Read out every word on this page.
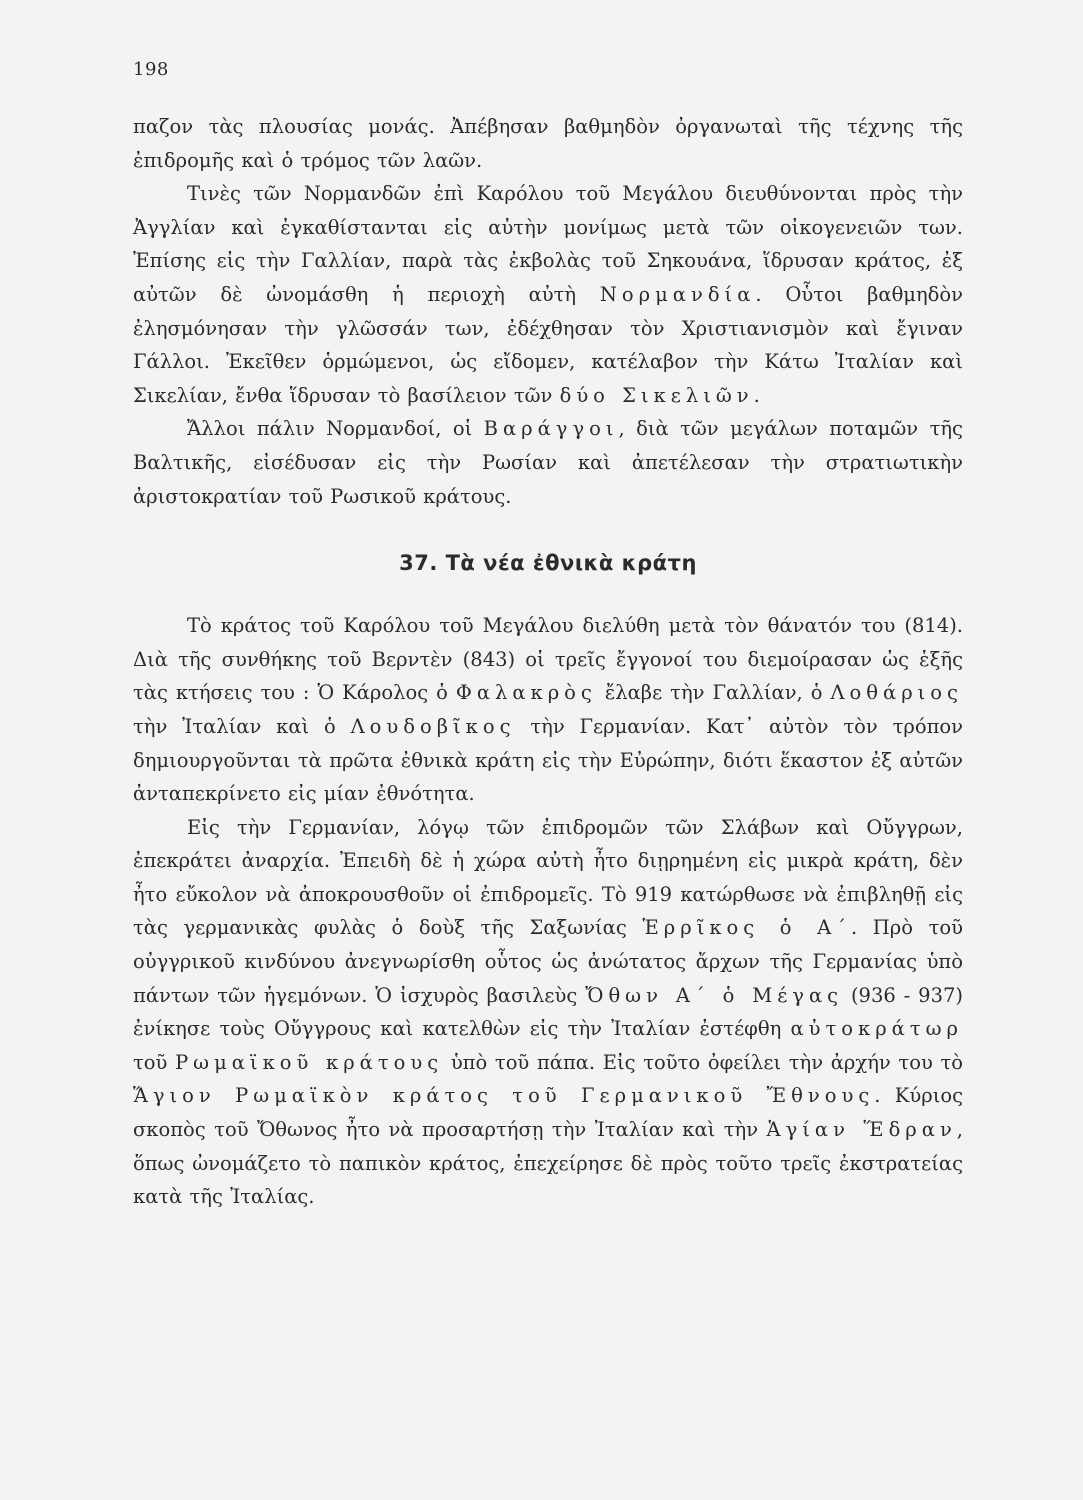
198

παζον τὰς πλουσίας μονάς. Ἀπέβησαν βαθμηδὸν ὀργανωταὶ τῆς τέχνης τῆς ἐπιδρομῆς καὶ ὁ τρόμος τῶν λαῶν.

Τινὲς τῶν Νορμανδῶν ἐπὶ Καρόλου τοῦ Μεγάλου διευθύνονται πρὸς τὴν Ἀγγλίαν καὶ ἐγκαθίστανται εἰς αὐτὴν μονίμως μετὰ τῶν οἰκογενειῶν των. Ἐπίσης εἰς τὴν Γαλλίαν, παρὰ τὰς ἐκβολὰς τοῦ Σηκουάνα, ἵδρυσαν κράτος, ἐξ αὐτῶν δὲ ὠνομάσθη ἡ περιοχὴ αὐτὴ Νορμανδία. Οὗτοι βαθμηδὸν ἐλησμόνησαν τὴν γλῶσσάν των, ἐδέχθησαν τὸν Χριστιανισμὸν καὶ ἔγιναν Γάλλοι. Ἐκεῖθεν ὁρμώμενοι, ὡς εἴδομεν, κατέλαβον τὴν Κάτω Ἰταλίαν καὶ Σικελίαν, ἔνθα ἵδρυσαν τὸ βασίλειον τῶν δύο Σικελιῶν.

Ἄλλοι πάλιν Νορμανδοί, οἱ Βαράγγοι, διὰ τῶν μεγάλων ποταμῶν τῆς Βαλτικῆς, εἰσέδυσαν εἰς τὴν Ρωσίαν καὶ ἀπετέλεσαν τὴν στρατιωτικὴν ἀριστοκρατίαν τοῦ Ρωσικοῦ κράτους.

37. Τὰ νέα ἐθνικὰ κράτη

Τὸ κράτος τοῦ Καρόλου τοῦ Μεγάλου διελύθη μετὰ τὸν θάνατόν του (814). Διὰ τῆς συνθήκης τοῦ Βερντὲν (843) οἱ τρεῖς ἔγγονοί του διεμοίρασαν ὡς ἑξῆς τὰς κτήσεις του : Ὁ Κάρολος ὁ Φαλακρὸς ἔλαβε τὴν Γαλλίαν, ὁ Λοθάριος τὴν Ἰταλίαν καὶ ὁ Λουδοβῖκος τὴν Γερμανίαν. Κατ᾿ αὐτὸν τὸν τρόπον δημιουργοῦνται τὰ πρῶτα ἐθνικὰ κράτη εἰς τὴν Εὐρώπην, διότι ἕκαστον ἐξ αὐτῶν ἀνταπεκρίνετο εἰς μίαν ἐθνότητα.

Εἰς τὴν Γερμανίαν, λόγῳ τῶν ἐπιδρομῶν τῶν Σλάβων καὶ Οὔγγρων, ἐπεκράτει ἀναρχία. Ἐπειδὴ δὲ ἡ χώρα αὐτὴ ἦτο διῃρημένη εἰς μικρὰ κράτη, δὲν ἦτο εὔκολον νὰ ἀποκρουσθοῦν οἱ ἐπιδρομεῖς. Τὸ 919 κατώρθωσε νὰ ἐπιβληθῇ εἰς τὰς γερμανικὰς φυλὰς ὁ δοὺξ τῆς Σαξωνίας Ἑρρῖκος ὁ Α΄. Πρὸ τοῦ οὐγγρικοῦ κινδύνου ἀνεγνωρίσθη οὗτος ὡς ἀνώτατος ἄρχων τῆς Γερμανίας ὑπὸ πάντων τῶν ἡγεμόνων. Ὁ ἰσχυρὸς βασιλεὺς Ὄθων Α΄ ὁ Μέγας (936 - 937) ἐνίκησε τοὺς Οὔγγρους καὶ κατελθὼν εἰς τὴν Ἰταλίαν ἐστέφθη αὐτοκράτωρ τοῦ Ρωμαϊκοῦ κράτους ὑπὸ τοῦ πάπα. Εἰς τοῦτο ὀφείλει τὴν ἀρχήν του τὸ Ἅγιον Ρωμαϊκὸν κράτος τοῦ Γερμανικοῦ Ἔθνους. Κύριος σκοπὸς τοῦ Ὄθωνος ἦτο νὰ προσαρτήσῃ τὴν Ἰταλίαν καὶ τὴν Ἁγίαν Ἕδραν, ὅπως ὠνομάζετο τὸ παπικὸν κράτος, ἐπεχείρησε δὲ πρὸς τοῦτο τρεῖς ἐκστρατείας κατὰ τῆς Ἰταλίας.
